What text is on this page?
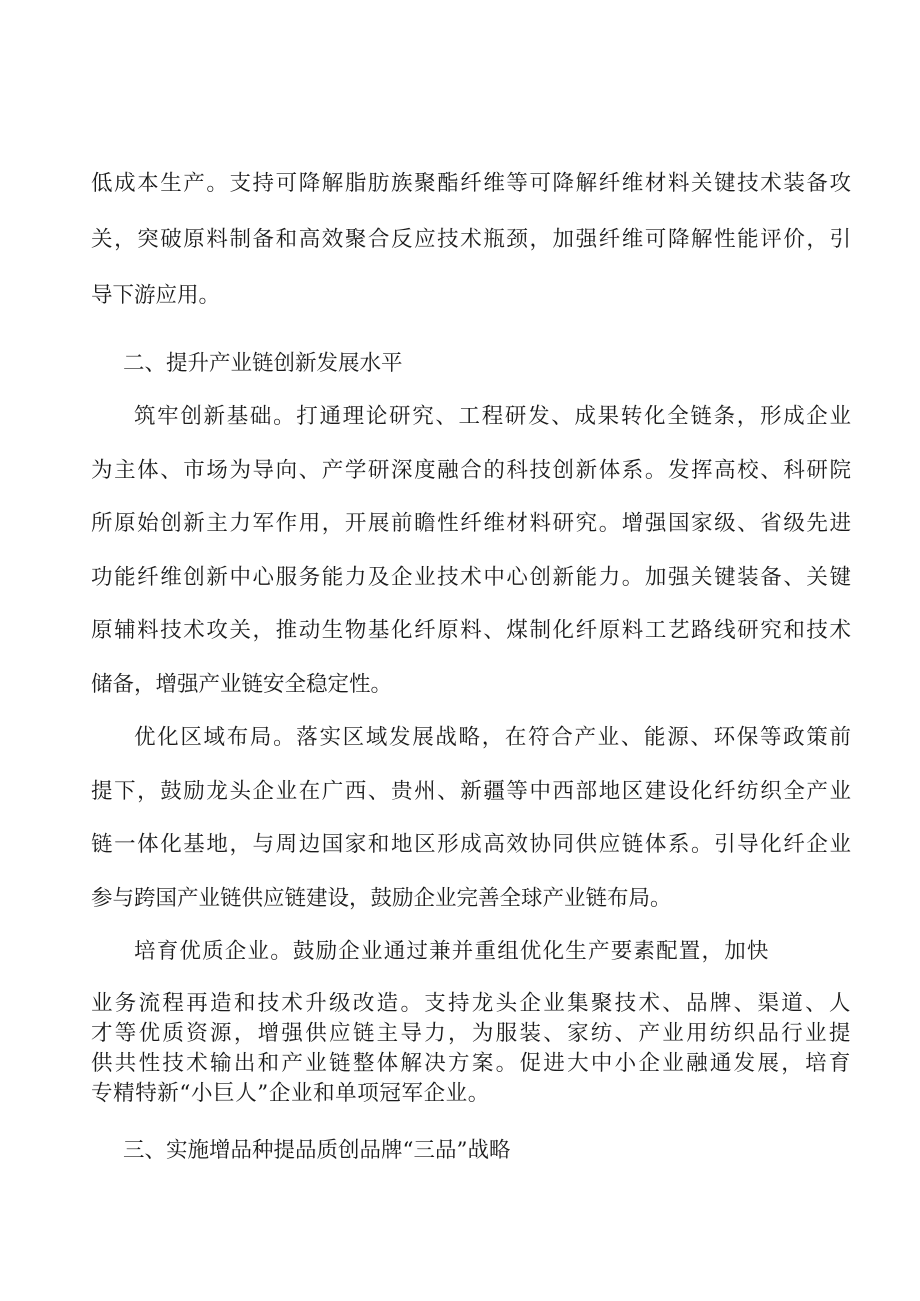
低成本生产。支持可降解脂肪族聚酯纤维等可降解纤维材料关键技术装备攻
关，突破原料制备和高效聚合反应技术瓶颈，加强纤维可降解性能评价，引
导下游应用。
二、提升产业链创新发展水平
筑牢创新基础。打通理论研究、工程研发、成果转化全链条，形成企业
为主体、市场为导向、产学研深度融合的科技创新体系。发挥高校、科研院
所原始创新主力军作用，开展前瞻性纤维材料研究。增强国家级、省级先进
功能纤维创新中心服务能力及企业技术中心创新能力。加强关键装备、关键
原辅料技术攻关，推动生物基化纤原料、煤制化纤原料工艺路线研究和技术
储备，增强产业链安全稳定性。
优化区域布局。落实区域发展战略，在符合产业、能源、环保等政策前
提下，鼓励龙头企业在广西、贵州、新疆等中西部地区建设化纤纺织全产业
链一体化基地，与周边国家和地区形成高效协同供应链体系。引导化纤企业
参与跨国产业链供应链建设，鼓励企业完善全球产业链布局。
培育优质企业。鼓励企业通过兼并重组优化生产要素配置，加快
业务流程再造和技术升级改造。支持龙头企业集聚技术、品牌、渠道、人
才等优质资源，增强供应链主导力，为服装、家纺、产业用纺织品行业提
供共性技术输出和产业链整体解决方案。促进大中小企业融通发展，培育
专精特新“小巨人”企业和单项冠军企业。
三、实施增品种提品质创品牌“三品”战略
